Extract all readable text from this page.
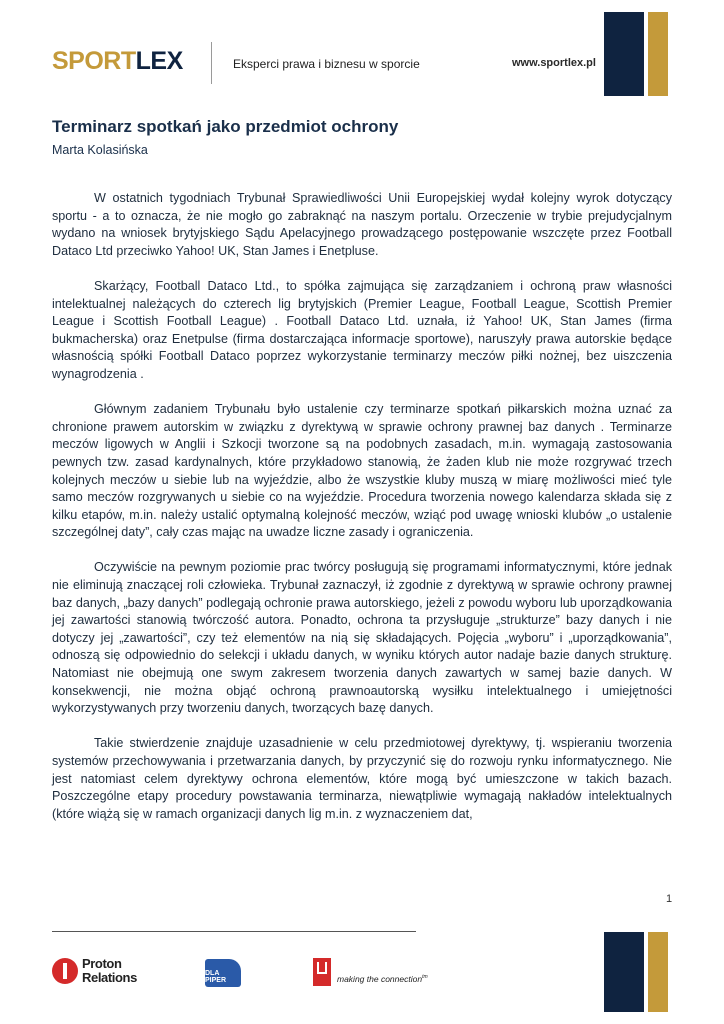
SPORTLEX	Eksperci prawa i biznesu w sporcie	www.sportlex.pl
Terminarz spotkań jako przedmiot ochrony
Marta Kolasińska

W ostatnich tygodniach Trybunał Sprawiedliwości Unii Europejskiej wydał kolejny wyrok dotyczący sportu - a to oznacza, że nie mogło go zabraknąć na naszym portalu. Orzeczenie w trybie prejudycjalnym wydano na wniosek brytyjskiego Sądu Apelacyjnego prowadzącego postępowanie wszczęte przez Football Dataco Ltd przeciwko Yahoo! UK, Stan James i Enetpluse.

Skarżący, Football Dataco Ltd., to spółka zajmująca się zarządzaniem i ochroną praw własności intelektualnej należących do czterech lig brytyjskich (Premier League, Football League, Scottish Premier League i Scottish Football League) . Football Dataco Ltd. uznała, iż Yahoo! UK, Stan James (firma bukmacherska) oraz Enetpulse (firma dostarczająca informacje sportowe), naruszyły prawa autorskie będące własnością spółki Football Dataco poprzez wykorzystanie terminarzy meczów piłki nożnej, bez uiszczenia wynagrodzenia .

Głównym zadaniem Trybunału było ustalenie czy terminarze spotkań piłkarskich można uznać za chronione prawem autorskim w związku z dyrektywą w sprawie ochrony prawnej baz danych . Terminarze meczów ligowych w Anglii i Szkocji tworzone są na podobnych zasadach, m.in. wymagają zastosowania pewnych tzw. zasad kardynalnych, które przykładowo stanowią, że żaden klub nie może rozgrywać trzech kolejnych meczów u siebie lub na wyjeździe, albo że wszystkie kluby muszą w miarę możliwości mieć tyle samo meczów rozgrywanych u siebie co na wyjeździe. Procedura tworzenia nowego kalendarza składa się z kilku etapów, m.in. należy ustalić optymalną kolejność meczów, wziąć pod uwagę wnioski klubów „o ustalenie szczególnej daty”, cały czas mając na uwadze liczne zasady i ograniczenia.

Oczywiście na pewnym poziomie prac twórcy posługują się programami informatycznymi, które jednak nie eliminują znaczącej roli człowieka. Trybunał zaznaczył, iż zgodnie z dyrektywą w sprawie ochrony prawnej baz danych, „bazy danych” podlegają ochronie prawa autorskiego, jeżeli z powodu wyboru lub uporządkowania jej zawartości stanowią twórczość autora. Ponadto, ochrona ta przysługuje „strukturze” bazy danych i nie dotyczy jej „zawartości”, czy też elementów na nią się składających. Pojęcia „wyboru” i „uporządkowania”, odnoszą się odpowiednio do selekcji i układu danych, w wyniku których autor nadaje bazie danych strukturę. Natomiast nie obejmują one swym zakresem tworzenia danych zawartych w samej bazie danych. W konsekwencji, nie można objąć ochroną prawnoautorską wysiłku intelektualnego i umiejętności wykorzystywanych przy tworzeniu danych, tworzących bazę danych.

Takie stwierdzenie znajduje uzasadnienie w celu przedmiotowej dyrektywy, tj. wspieraniu tworzenia systemów przechowywania i przetwarzania danych, by przyczynić się do rozwoju rynku informatycznego. Nie jest natomiast celem dyrektywy ochrona elementów, które mogą być umieszczone w takich bazach. Poszczególne etapy procedury powstawania terminarza, niewątpliwie wymagają nakładów intelektualnych (które wiążą się w ramach organizacji danych lig m.in. z wyznaczeniem dat,

1
Proton
Relations	DLA PIPER	making the connection$^{tm}$
